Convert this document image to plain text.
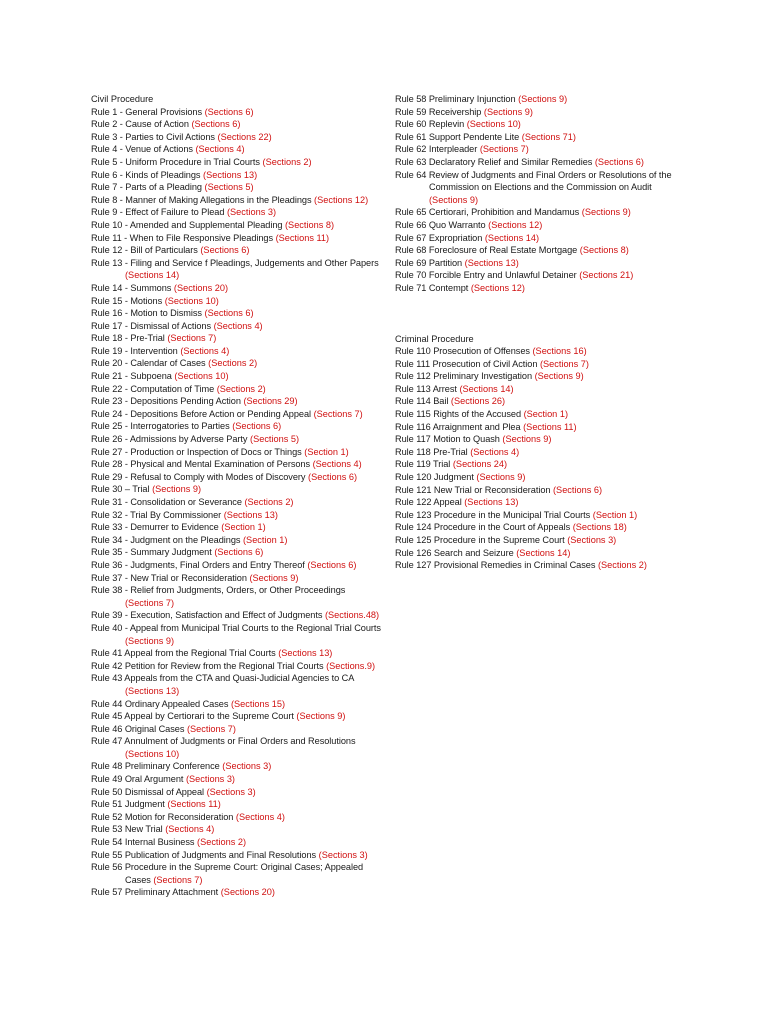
Civil Procedure
Rule 1 - General Provisions (Sections 6)
Rule 2 - Cause of Action (Sections 6)
Rule 3 - Parties to Civil Actions (Sections 22)
Rule 4 - Venue of Actions (Sections 4)
Rule 5 - Uniform Procedure in Trial Courts (Sections 2)
Rule 6 - Kinds of Pleadings (Sections 13)
Rule 7 - Parts of a Pleading (Sections 5)
Rule 8 - Manner of Making Allegations in the Pleadings (Sections 12)
Rule 9 - Effect of Failure to Plead (Sections 3)
Rule 10 - Amended and Supplemental Pleading (Sections 8)
Rule 11 - When to File Responsive Pleadings (Sections 11)
Rule 12 - Bill of Particulars (Sections 6)
Rule 13 - Filing and Service f Pleadings, Judgements and Other Papers (Sections 14)
Rule 14 - Summons (Sections 20)
Rule 15 - Motions (Sections 10)
Rule 16 - Motion to Dismiss (Sections 6)
Rule 17 - Dismissal of Actions (Sections 4)
Rule 18 - Pre-Trial (Sections 7)
Rule 19 - Intervention (Sections 4)
Rule 20 - Calendar of Cases (Sections 2)
Rule 21 - Subpoena (Sections 10)
Rule 22 - Computation of Time (Sections 2)
Rule 23 - Depositions Pending Action (Sections 29)
Rule 24 - Depositions Before Action or Pending Appeal (Sections 7)
Rule 25 - Interrogatories to Parties (Sections 6)
Rule 26 - Admissions by Adverse Party (Sections 5)
Rule 27 - Production or Inspection of Docs or Things (Section 1)
Rule 28 - Physical and Mental Examination of Persons (Sections 4)
Rule 29 - Refusal to Comply with Modes of Discovery (Sections 6)
Rule 30 – Trial (Sections 9)
Rule 31 - Consolidation or Severance (Sections 2)
Rule 32 - Trial By Commissioner (Sections 13)
Rule 33 - Demurrer to Evidence (Section 1)
Rule 34 - Judgment on the Pleadings (Section 1)
Rule 35 - Summary Judgment (Sections 6)
Rule 36 - Judgments, Final Orders and Entry Thereof (Sections 6)
Rule 37 - New Trial or Reconsideration (Sections 9)
Rule 38 - Relief from Judgments, Orders, or Other Proceedings (Sections 7)
Rule 39 - Execution, Satisfaction and Effect of Judgments (Sections.48)
Rule 40 - Appeal from Municipal Trial Courts to the Regional Trial Courts (Sections 9)
Rule 41 Appeal from the Regional Trial Courts (Sections 13)
Rule 42 Petition for Review from the Regional Trial Courts (Sections.9)
Rule 43 Appeals from the CTA and Quasi-Judicial Agencies to CA (Sections 13)
Rule 44 Ordinary Appealed Cases (Sections 15)
Rule 45 Appeal by Certiorari to the Supreme Court (Sections 9)
Rule 46 Original Cases (Sections 7)
Rule 47 Annulment of Judgments or Final Orders and Resolutions (Sections 10)
Rule 48 Preliminary Conference (Sections 3)
Rule 49 Oral Argument (Sections 3)
Rule 50 Dismissal of Appeal (Sections 3)
Rule 51 Judgment (Sections 11)
Rule 52 Motion for Reconsideration (Sections 4)
Rule 53 New Trial (Sections 4)
Rule 54 Internal Business (Sections 2)
Rule 55 Publication of Judgments and Final Resolutions (Sections 3)
Rule 56 Procedure in the Supreme Court: Original Cases; Appealed Cases (Sections 7)
Rule 57 Preliminary Attachment (Sections 20)
Rule 58 Preliminary Injunction (Sections 9)
Rule 59 Receivership (Sections 9)
Rule 60 Replevin (Sections 10)
Rule 61 Support Pendente Lite (Sections 71)
Rule 62 Interpleader (Sections 7)
Rule 63 Declaratory Relief and Similar Remedies (Sections 6)
Rule 64 Review of Judgments and Final Orders or Resolutions of the Commission on Elections and the Commission on Audit (Sections 9)
Rule 65 Certiorari, Prohibition and Mandamus (Sections 9)
Rule 66 Quo Warranto (Sections 12)
Rule 67 Expropriation (Sections 14)
Rule 68 Foreclosure of Real Estate Mortgage (Sections 8)
Rule 69 Partition (Sections 13)
Rule 70 Forcible Entry and Unlawful Detainer (Sections 21)
Rule 71 Contempt (Sections 12)
Criminal Procedure
Rule 110 Prosecution of Offenses (Sections 16)
Rule 111 Prosecution of Civil Action (Sections 7)
Rule 112 Preliminary Investigation (Sections 9)
Rule 113 Arrest (Sections 14)
Rule 114 Bail (Sections 26)
Rule 115 Rights of the Accused (Section 1)
Rule 116 Arraignment and Plea (Sections 11)
Rule 117 Motion to Quash (Sections 9)
Rule 118 Pre-Trial (Sections 4)
Rule 119 Trial (Sections 24)
Rule 120 Judgment (Sections 9)
Rule 121 New Trial or Reconsideration (Sections 6)
Rule 122 Appeal (Sections 13)
Rule 123 Procedure in the Municipal Trial Courts (Section 1)
Rule 124 Procedure in the Court of Appeals (Sections 18)
Rule 125 Procedure in the Supreme Court (Sections 3)
Rule 126 Search and Seizure (Sections 14)
Rule 127 Provisional Remedies in Criminal Cases (Sections 2)
